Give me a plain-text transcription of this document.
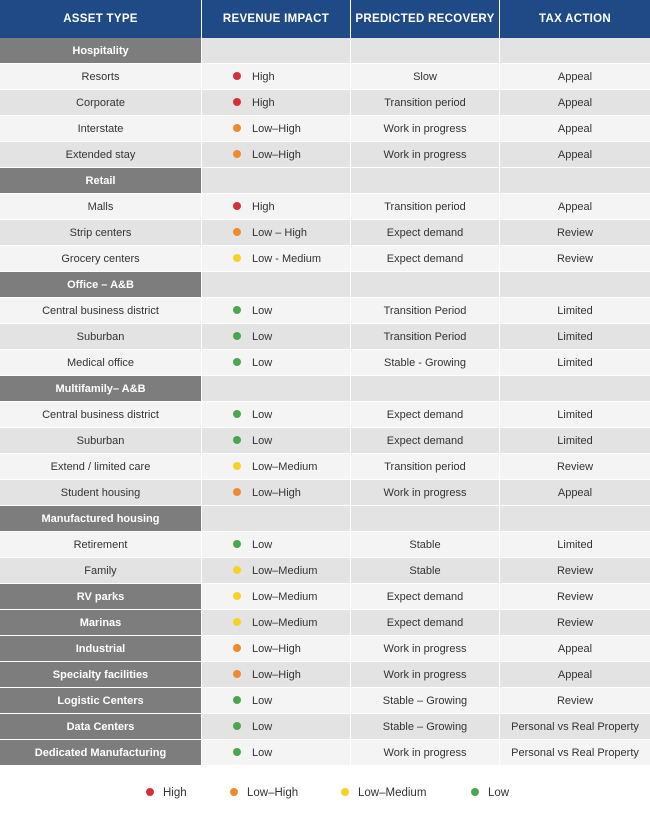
ASSET TYPE	REVENUE IMPACT	PREDICTED RECOVERY	TAX ACTION
Hospitality			
Resorts	High	Slow	Appeal
Corporate	High	Transition period	Appeal
Interstate	Low–High	Work in progress	Appeal
Extended stay	Low–High	Work in progress	Appeal
Retail			
Malls	High	Transition period	Appeal
Strip centers	Low – High	Expect demand	Review
Grocery centers	Low - Medium	Expect demand	Review
Office – A&B			
Central business district	Low	Transition Period	Limited
Suburban	Low	Transition Period	Limited
Medical office	Low	Stable - Growing	Limited
Multifamily– A&B			
Central business district	Low	Expect demand	Limited
Suburban	Low	Expect demand	Limited
Extend / limited care	Low–Medium	Transition period	Review
Student housing	Low–High	Work in progress	Appeal
Manufactured housing			
Retirement	Low	Stable	Limited
Family	Low–Medium	Stable	Review
RV parks	Low–Medium	Expect demand	Review
Marinas	Low–Medium	Expect demand	Review
Industrial	Low–High	Work in progress	Appeal
Specialty facilities	Low–High	Work in progress	Appeal
Logistic Centers	Low	Stable – Growing	Review
Data Centers	Low	Stable – Growing	Personal vs Real Property
Dedicated Manufacturing	Low	Work in progress	Personal vs Real Property
High	Low–High	Low–Medium	Low
